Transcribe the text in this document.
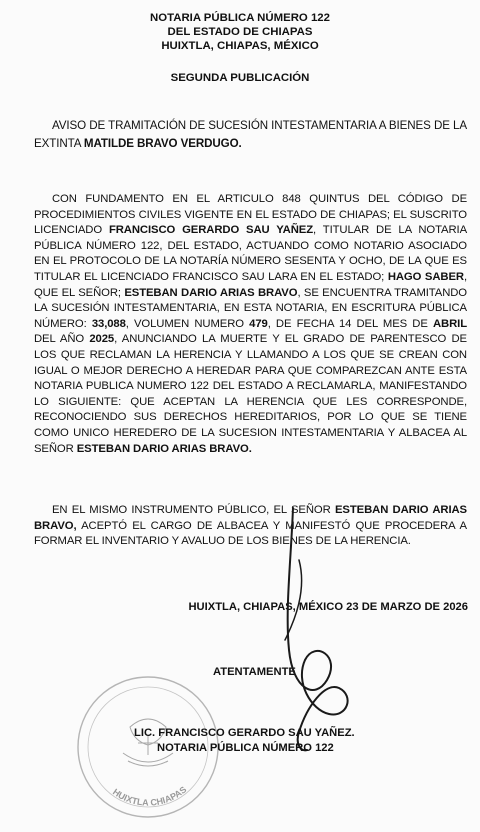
NOTARIA PÚBLICA NÚMERO 122

DEL ESTADO DE CHIAPAS

HUIXTLA, CHIAPAS, MÉXICO

SEGUNDA PUBLICACIÓN

AVISO DE TRAMITACIÓN DE SUCESIÓN INTESTAMENTARIA A BIENES DE LA EXTINTA MATILDE BRAVO VERDUGO.

CON FUNDAMENTO EN EL ARTICULO 848 QUINTUS DEL CÓDIGO DE PROCEDIMIENTOS CIVILES VIGENTE EN EL ESTADO DE CHIAPAS; EL SUSCRITO LICENCIADO FRANCISCO GERARDO SAU YAÑEZ, TITULAR DE LA NOTARIA PÚBLICA NÚMERO 122, DEL ESTADO, ACTUANDO COMO NOTARIO ASOCIADO EN EL PROTOCOLO DE LA NOTARÍA NÚMERO SESENTA Y OCHO, DE LA QUE ES TITULAR EL LICENCIADO FRANCISCO SAU LARA EN EL ESTADO; HAGO SABER, QUE EL SEÑOR; ESTEBAN DARIO ARIAS BRAVO, SE ENCUENTRA TRAMITANDO LA SUCESIÓN INTESTAMENTARIA, EN ESTA NOTARIA, EN ESCRITURA PÚBLICA NÚMERO: 33,088, VOLUMEN NUMERO 479, DE FECHA 14 DEL MES DE ABRIL DEL AÑO 2025, ANUNCIANDO LA MUERTE Y EL GRADO DE PARENTESCO DE LOS QUE RECLAMAN LA HERENCIA Y LLAMANDO A LOS QUE SE CREAN CON IGUAL O MEJOR DERECHO A HEREDAR PARA QUE COMPAREZCAN ANTE ESTA NOTARIA PUBLICA NUMERO 122 DEL ESTADO A RECLAMARLA, MANIFESTANDO LO SIGUIENTE: QUE ACEPTAN LA HERENCIA QUE LES CORRESPONDE, RECONOCIENDO SUS DERECHOS HEREDITARIOS, POR LO QUE SE TIENE COMO UNICO HEREDERO DE LA SUCESION INTESTAMENTARIA Y ALBACEA AL SEÑOR ESTEBAN DARIO ARIAS BRAVO.

EN EL MISMO INSTRUMENTO PÚBLICO, EL SEÑOR ESTEBAN DARIO ARIAS BRAVO, ACEPTÓ EL CARGO DE ALBACEA Y MANIFESTÓ QUE PROCEDERA A FORMAR EL INVENTARIO Y AVALUO DE LOS BIENES DE LA HERENCIA.

HUIXTLA, CHIAPAS, MÉXICO 23 DE MARZO DE 2026

ATENTAMENTE

HUIXTLA CHIAPAS

LIC. FRANCISCO GERARDO SAU YAÑEZ.

NOTARIA PÚBLICA NÚMERO 122
